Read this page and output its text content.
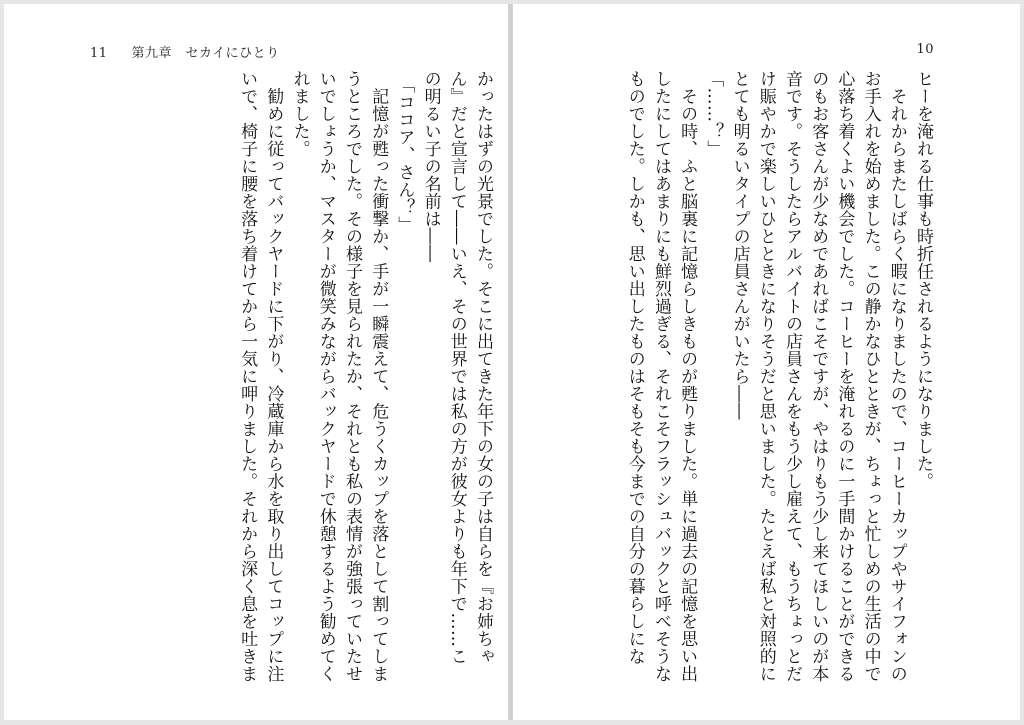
11 第九章　セカイにひとり
かったはずの光景でした。そこに出てきた年下の女の子は自らを『お姉ちゃ
ん』だと宣言して――いえ、その世界では私の方が彼女よりも年下で……こ
の明るい子の名前は――
「ココア、さん？」
　記憶が甦った衝撃か、手が一瞬震えて、危うくカップを落として割ってしま
うところでした。その様子を見られたか、それとも私の表情が強張っていたせ
いでしょうか、マスターが微笑みながらバックヤードで休憩するよう勧めてく
れました。
　勧めに従ってバックヤードに下がり、冷蔵庫から水を取り出してコップに注
いで、椅子に腰を落ち着けてから一気に呷りました。それから深く息を吐きま
10
ヒーを淹れる仕事も時折任されるようになりました。
　それからまたしばらく暇になりましたので、コーヒーカップやサイフォンの
お手入れを始めました。この静かなひとときが、ちょっと忙しめの生活の中で
心落ち着くよい機会でした。コーヒーを淹れるのに一手間かけることができる
のもお客さんが少なめであればこそですが、やはりもう少し来てほしいのが本
音です。そうしたらアルバイトの店員さんをもう少し雇えて、もうちょっとだ
け賑やかで楽しいひとときになりそうだと思いました。たとえば私と対照的に
とても明るいタイプの店員さんがいたら――
「……？」
　その時、ふと脳裏に記憶らしきものが甦りました。単に過去の記憶を思い出
したにしてはあまりにも鮮烈過ぎる、それこそフラッシュバックと呼べそうな
ものでした。しかも、思い出したものはそもそも今までの自分の暮らしにな
